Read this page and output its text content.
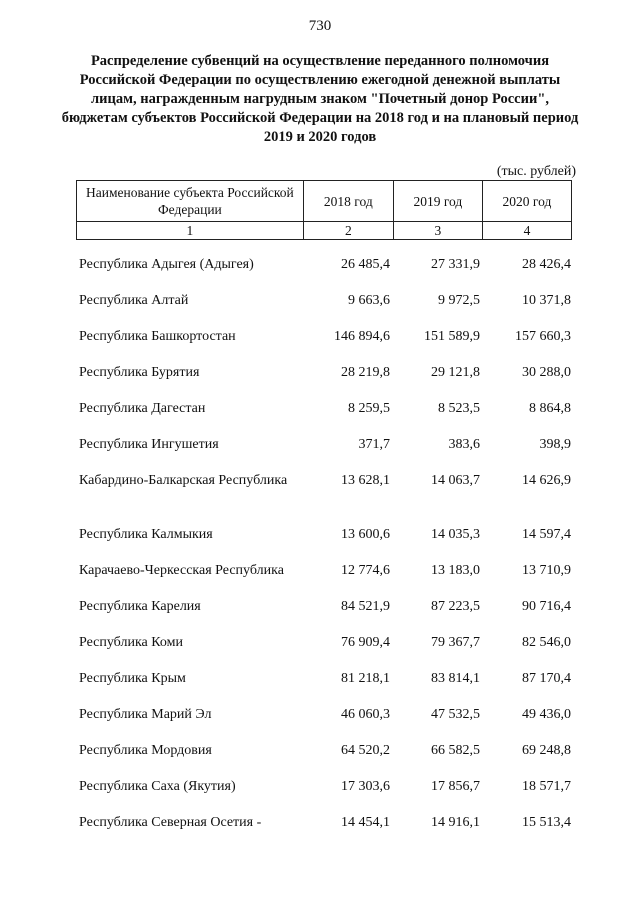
730
Распределение субвенций на осуществление переданного полномочия Российской Федерации по осуществлению ежегодной денежной выплаты лицам, награжденным нагрудным знаком "Почетный донор России", бюджетам субъектов Российской Федерации на 2018 год и на плановый период 2019 и 2020 годов
(тыс. рублей)
Наименование субъекта Российской Федерации	2018 год	2019 год	2020 год
1	2	3	4
Республика Адыгея (Адыгея)	26 485,4	27 331,9	28 426,4
Республика Алтай	9 663,6	9 972,5	10 371,8
Республика Башкортостан	146 894,6	151 589,9	157 660,3
Республика Бурятия	28 219,8	29 121,8	30 288,0
Республика Дагестан	8 259,5	8 523,5	8 864,8
Республика Ингушетия	371,7	383,6	398,9
Кабардино-Балкарская Республика	13 628,1	14 063,7	14 626,9
Республика Калмыкия	13 600,6	14 035,3	14 597,4
Карачаево-Черкесская Республика	12 774,6	13 183,0	13 710,9
Республика Карелия	84 521,9	87 223,5	90 716,4
Республика Коми	76 909,4	79 367,7	82 546,0
Республика Крым	81 218,1	83 814,1	87 170,4
Республика Марий Эл	46 060,3	47 532,5	49 436,0
Республика Мордовия	64 520,2	66 582,5	69 248,8
Республика Саха (Якутия)	17 303,6	17 856,7	18 571,7
Республика Северная Осетия -	14 454,1	14 916,1	15 513,4
